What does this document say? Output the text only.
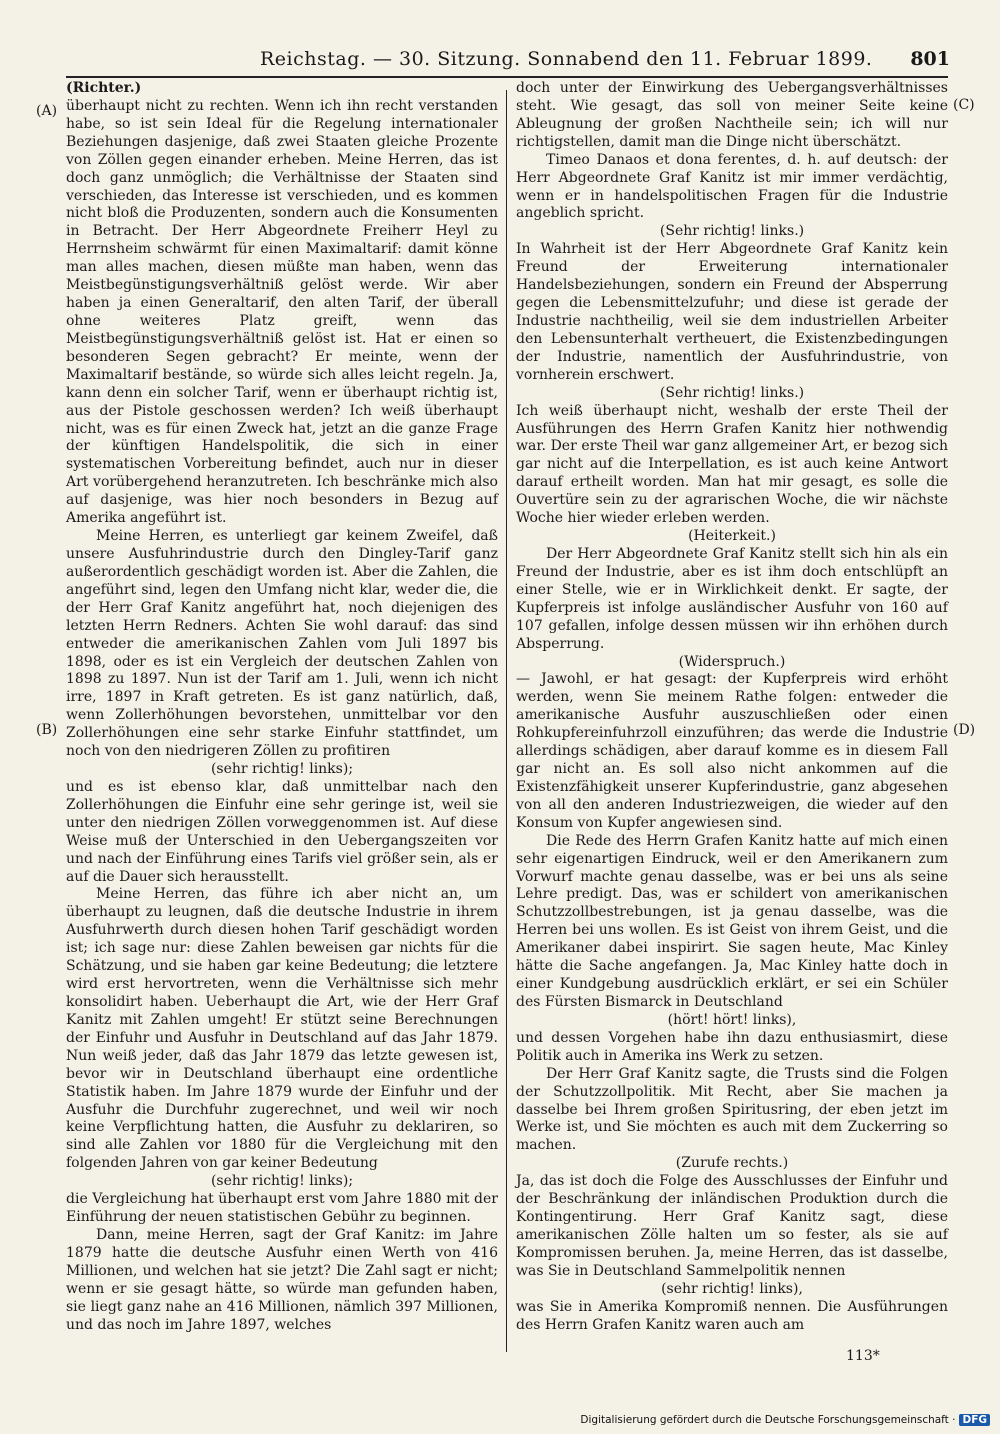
Reichstag. — 30. Sitzung. Sonnabend den 11. Februar 1899. 801
(A)
(B)
(C)
(D)

(Richter.)

überhaupt nicht zu rechten. Wenn ich ihn recht verstanden habe, so ist sein Ideal für die Regelung internationaler Beziehungen dasjenige, daß zwei Staaten gleiche Prozente von Zöllen gegen einander erheben. Meine Herren, das ist doch ganz unmöglich; die Verhältnisse der Staaten sind verschieden, das Interesse ist verschieden, und es kommen nicht bloß die Produzenten, sondern auch die Konsumenten in Betracht. Der Herr Abgeordnete Freiherr Heyl zu Herrnsheim schwärmt für einen Maximaltarif: damit könne man alles machen, diesen müßte man haben, wenn das Meistbegünstigungsverhältniß gelöst werde. Wir aber haben ja einen Generaltarif, den alten Tarif, der überall ohne weiteres Platz greift, wenn das Meistbegünstigungsverhältniß gelöst ist. Hat er einen so besonderen Segen gebracht? Er meinte, wenn der Maximaltarif bestände, so würde sich alles leicht regeln. Ja, kann denn ein solcher Tarif, wenn er überhaupt richtig ist, aus der Pistole geschossen werden? Ich weiß überhaupt nicht, was es für einen Zweck hat, jetzt an die ganze Frage der künftigen Handelspolitik, die sich in einer systematischen Vorbereitung befindet, auch nur in dieser Art vorübergehend heranzutreten. Ich beschränke mich also auf dasjenige, was hier noch besonders in Bezug auf Amerika angeführt ist.

Meine Herren, es unterliegt gar keinem Zweifel, daß unsere Ausfuhrindustrie durch den Dingley-Tarif ganz außerordentlich geschädigt worden ist. Aber die Zahlen, die angeführt sind, legen den Umfang nicht klar, weder die, die der Herr Graf Kanitz angeführt hat, noch diejenigen des letzten Herrn Redners. Achten Sie wohl darauf: das sind entweder die amerikanischen Zahlen vom Juli 1897 bis 1898, oder es ist ein Vergleich der deutschen Zahlen von 1898 zu 1897. Nun ist der Tarif am 1. Juli, wenn ich nicht irre, 1897 in Kraft getreten. Es ist ganz natürlich, daß, wenn Zollerhöhungen bevorstehen, unmittelbar vor den Zollerhöhungen eine sehr starke Einfuhr stattfindet, um noch von den niedrigeren Zöllen zu profitiren

(sehr richtig! links);

und es ist ebenso klar, daß unmittelbar nach den Zollerhöhungen die Einfuhr eine sehr geringe ist, weil sie unter den niedrigen Zöllen vorweggenommen ist. Auf diese Weise muß der Unterschied in den Uebergangszeiten vor und nach der Einführung eines Tarifs viel größer sein, als er auf die Dauer sich herausstellt.

Meine Herren, das führe ich aber nicht an, um überhaupt zu leugnen, daß die deutsche Industrie in ihrem Ausfuhrwerth durch diesen hohen Tarif geschädigt worden ist; ich sage nur: diese Zahlen beweisen gar nichts für die Schätzung, und sie haben gar keine Bedeutung; die letztere wird erst hervortreten, wenn die Verhältnisse sich mehr konsolidirt haben. Ueberhaupt die Art, wie der Herr Graf Kanitz mit Zahlen umgeht! Er stützt seine Berechnungen der Einfuhr und Ausfuhr in Deutschland auf das Jahr 1879. Nun weiß jeder, daß das Jahr 1879 das letzte gewesen ist, bevor wir in Deutschland überhaupt eine ordentliche Statistik haben. Im Jahre 1879 wurde der Einfuhr und der Ausfuhr die Durchfuhr zugerechnet, und weil wir noch keine Verpflichtung hatten, die Ausfuhr zu deklariren, so sind alle Zahlen vor 1880 für die Vergleichung mit den folgenden Jahren von gar keiner Bedeutung

(sehr richtig! links);

die Vergleichung hat überhaupt erst vom Jahre 1880 mit der Einführung der neuen statistischen Gebühr zu beginnen.

Dann, meine Herren, sagt der Graf Kanitz: im Jahre 1879 hatte die deutsche Ausfuhr einen Werth von 416 Millionen, und welchen hat sie jetzt? Die Zahl sagt er nicht; wenn er sie gesagt hätte, so würde man gefunden haben, sie liegt ganz nahe an 416 Millionen, nämlich 397 Millionen, und das noch im Jahre 1897, welches

doch unter der Einwirkung des Uebergangsverhältnisses steht. Wie gesagt, das soll von meiner Seite keine Ableugnung der großen Nachtheile sein; ich will nur richtigstellen, damit man die Dinge nicht überschätzt.

Timeo Danaos et dona ferentes, d. h. auf deutsch: der Herr Abgeordnete Graf Kanitz ist mir immer verdächtig, wenn er in handelspolitischen Fragen für die Industrie angeblich spricht.

(Sehr richtig! links.)

In Wahrheit ist der Herr Abgeordnete Graf Kanitz kein Freund der Erweiterung internationaler Handelsbeziehungen, sondern ein Freund der Absperrung gegen die Lebensmittelzufuhr; und diese ist gerade der Industrie nachtheilig, weil sie dem industriellen Arbeiter den Lebensunterhalt vertheuert, die Existenzbedingungen der Industrie, namentlich der Ausfuhrindustrie, von vornherein erschwert.

(Sehr richtig! links.)

Ich weiß überhaupt nicht, weshalb der erste Theil der Ausführungen des Herrn Grafen Kanitz hier nothwendig war. Der erste Theil war ganz allgemeiner Art, er bezog sich gar nicht auf die Interpellation, es ist auch keine Antwort darauf ertheilt worden. Man hat mir gesagt, es solle die Ouvertüre sein zu der agrarischen Woche, die wir nächste Woche hier wieder erleben werden.

(Heiterkeit.)

Der Herr Abgeordnete Graf Kanitz stellt sich hin als ein Freund der Industrie, aber es ist ihm doch entschlüpft an einer Stelle, wie er in Wirklichkeit denkt. Er sagte, der Kupferpreis ist infolge ausländischer Ausfuhr von 160 auf 107 gefallen, infolge dessen müssen wir ihn erhöhen durch Absperrung.

(Widerspruch.)

— Jawohl, er hat gesagt: der Kupferpreis wird erhöht werden, wenn Sie meinem Rathe folgen: entweder die amerikanische Ausfuhr auszuschließen oder einen Rohkupfereinfuhrzoll einzuführen; das werde die Industrie allerdings schädigen, aber darauf komme es in diesem Fall gar nicht an. Es soll also nicht ankommen auf die Existenzfähigkeit unserer Kupferindustrie, ganz abgesehen von all den anderen Industriezweigen, die wieder auf den Konsum von Kupfer angewiesen sind.

Die Rede des Herrn Grafen Kanitz hatte auf mich einen sehr eigenartigen Eindruck, weil er den Amerikanern zum Vorwurf machte genau dasselbe, was er bei uns als seine Lehre predigt. Das, was er schildert von amerikanischen Schutzzollbestrebungen, ist ja genau dasselbe, was die Herren bei uns wollen. Es ist Geist von ihrem Geist, und die Amerikaner dabei inspirirt. Sie sagen heute, Mac Kinley hätte die Sache angefangen. Ja, Mac Kinley hatte doch in einer Kundgebung ausdrücklich erklärt, er sei ein Schüler des Fürsten Bismarck in Deutschland

(hört! hört! links),

und dessen Vorgehen habe ihn dazu enthusiasmirt, diese Politik auch in Amerika ins Werk zu setzen.

Der Herr Graf Kanitz sagte, die Trusts sind die Folgen der Schutzzollpolitik. Mit Recht, aber Sie machen ja dasselbe bei Ihrem großen Spiritusring, der eben jetzt im Werke ist, und Sie möchten es auch mit dem Zuckerring so machen.

(Zurufe rechts.)

Ja, das ist doch die Folge des Ausschlusses der Einfuhr und der Beschränkung der inländischen Produktion durch die Kontingentirung. Herr Graf Kanitz sagt, diese amerikanischen Zölle halten um so fester, als sie auf Kompromissen beruhen. Ja, meine Herren, das ist dasselbe, was Sie in Deutschland Sammelpolitik nennen

(sehr richtig! links),

was Sie in Amerika Kompromiß nennen. Die Ausführungen des Herrn Grafen Kanitz waren auch am

113*
Digitalisierung gefördert durch die Deutsche Forschungsgemeinschaft · DFG
